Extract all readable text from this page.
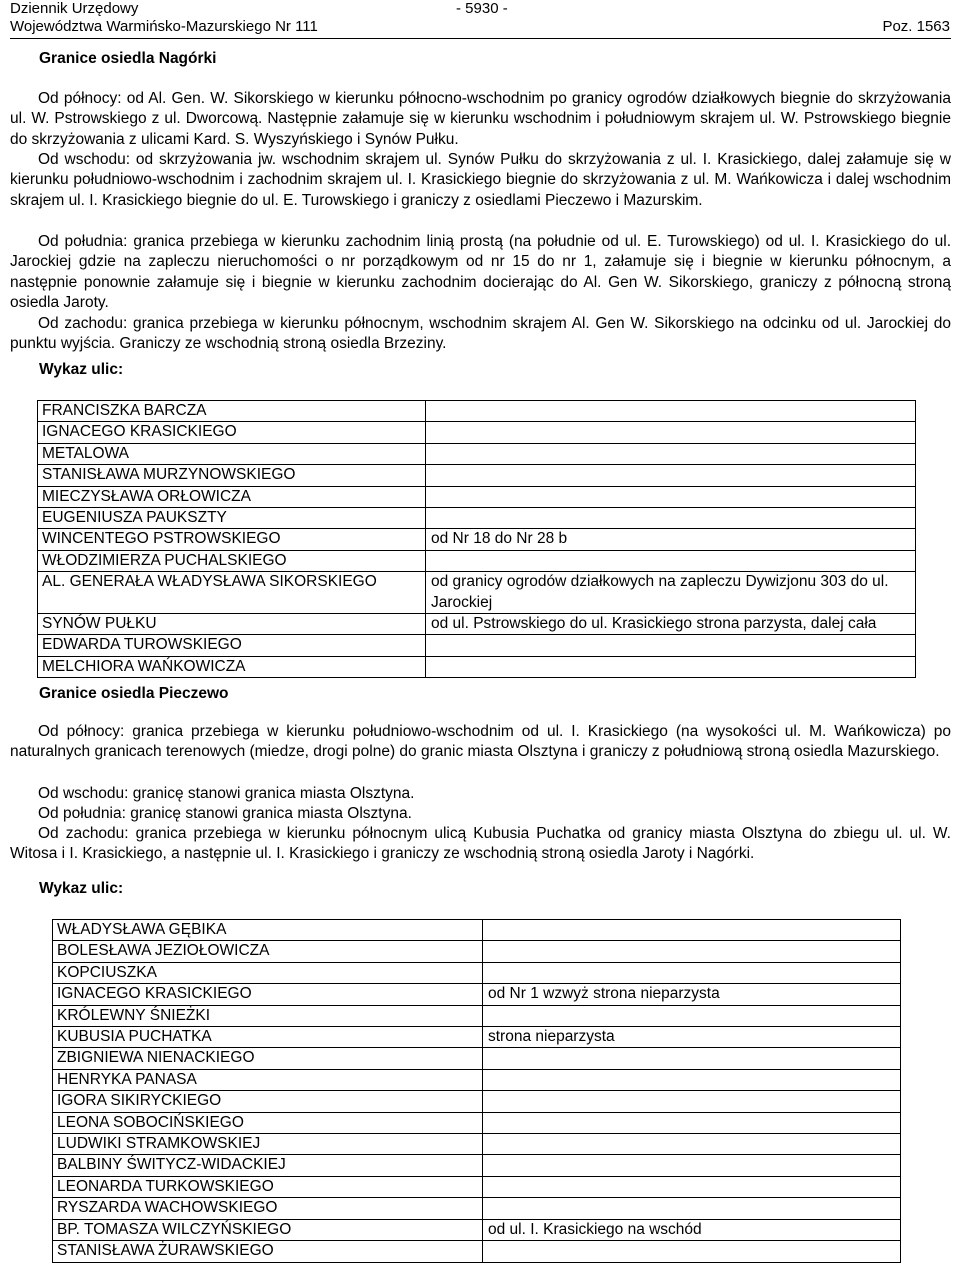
Dziennik Urzędowy	- 5930 -
Województwa Warmińsko-Mazurskiego Nr 111	Poz. 1563
Granice osiedla Nagórki

Od północy: od Al. Gen. W. Sikorskiego w kierunku północno-wschodnim po granicy ogrodów działkowych biegnie do skrzyżowania ul. W. Pstrowskiego z ul. Dworcową. Następnie załamuje się w kierunku wschodnim i południowym skrajem ul. W. Pstrowskiego biegnie do skrzyżowania z ulicami Kard. S. Wyszyńskiego i Synów Pułku.

Od wschodu: od skrzyżowania jw. wschodnim skrajem ul. Synów Pułku do skrzyżowania z ul. I. Krasickiego, dalej załamuje się w kierunku południowo-wschodnim i zachodnim skrajem ul. I. Krasickiego biegnie do skrzyżowania z ul. M. Wańkowicza i dalej wschodnim skrajem ul. I. Krasickiego biegnie do ul. E. Turowskiego i graniczy z osiedlami Pieczewo i Mazurskim.

Od południa: granica przebiega w kierunku zachodnim linią prostą (na południe od ul. E. Turowskiego) od ul. I. Krasickiego do ul. Jarockiej gdzie na zapleczu nieruchomości o nr porządkowym od nr 15 do nr 1, załamuje się i biegnie w kierunku północnym, a następnie ponownie załamuje się i biegnie w kierunku zachodnim docierając do Al. Gen W. Sikorskiego, graniczy z północną stroną osiedla Jaroty.

Od zachodu: granica przebiega w kierunku północnym, wschodnim skrajem Al. Gen W. Sikorskiego na odcinku od ul. Jarockiej do punktu wyjścia. Graniczy ze wschodnią stroną osiedla Brzeziny.

Wykaz ulic:
FRANCISZKA BARCZA	
IGNACEGO KRASICKIEGO	
METALOWA	
STANISŁAWA MURZYNOWSKIEGO	
MIECZYSŁAWA ORŁOWICZA	
EUGENIUSZA PAUKSZTY	
WINCENTEGO PSTROWSKIEGO	od Nr 18 do Nr 28 b
WŁODZIMIERZA PUCHALSKIEGO	
AL. GENERAŁA WŁADYSŁAWA SIKORSKIEGO	od granicy ogrodów działkowych na zapleczu Dywizjonu 303 do ul. Jarockiej
SYNÓW PUŁKU	od ul. Pstrowskiego do ul. Krasickiego strona parzysta, dalej cała
EDWARDA TUROWSKIEGO	
MELCHIORA WAŃKOWICZA	
Granice osiedla Pieczewo

Od północy: granica przebiega w kierunku południowo-wschodnim od ul. I. Krasickiego (na wysokości ul. M. Wańkowicza) po naturalnych granicach terenowych (miedze, drogi polne) do granic miasta Olsztyna i graniczy z południową stroną osiedla Mazurskiego.

Od wschodu: granicę stanowi granica miasta Olsztyna.

Od południa: granicę stanowi granica miasta Olsztyna.

Od zachodu: granica przebiega w kierunku północnym ulicą Kubusia Puchatka od granicy miasta Olsztyna do zbiegu ul. ul. W. Witosa i I. Krasickiego, a następnie ul. I. Krasickiego i graniczy ze wschodnią stroną osiedla Jaroty i Nagórki.

Wykaz ulic:
WŁADYSŁAWA GĘBIKA	
BOLESŁAWA JEZIOŁOWICZA	
KOPCIUSZKA	
IGNACEGO KRASICKIEGO	od Nr 1 wzwyż strona nieparzysta
KRÓLEWNY ŚNIEŻKI	
KUBUSIA PUCHATKA	strona nieparzysta
ZBIGNIEWA NIENACKIEGO	
HENRYKA PANASA	
IGORA SIKIRYCKIEGO	
LEONA SOBOCIŃSKIEGO	
LUDWIKI STRAMKOWSKIEJ	
BALBINY ŚWITYCZ-WIDACKIEJ	
LEONARDA TURKOWSKIEGO	
RYSZARDA WACHOWSKIEGO	
BP. TOMASZA WILCZYŃSKIEGO	od ul. I. Krasickiego na wschód
STANISŁAWA ŻURAWSKIEGO	
